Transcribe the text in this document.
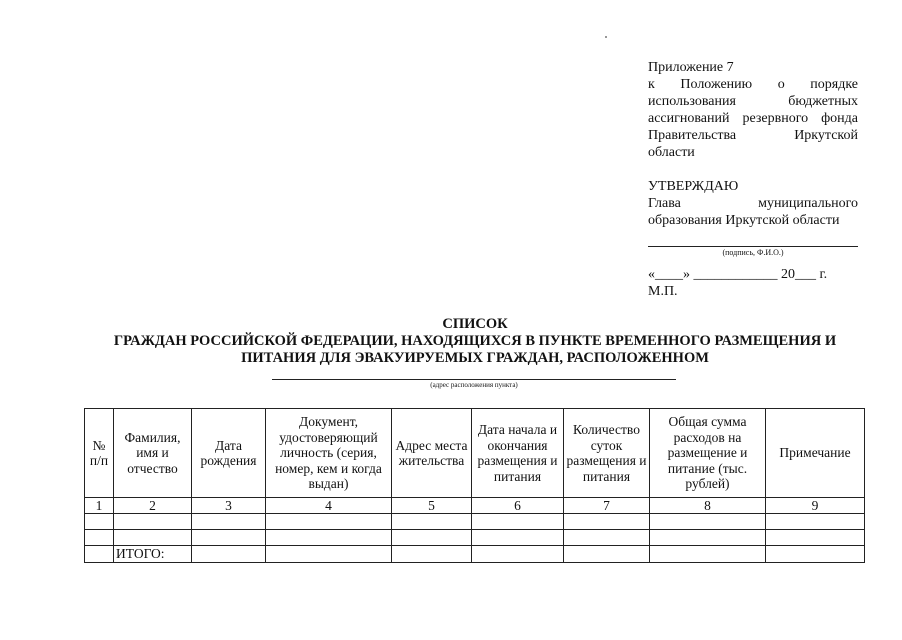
Приложение 7
к Положению о порядке
использования бюджетных
ассигнований резервного фонда
Правительства Иркутской
области
УТВЕРЖДАЮ
Глава муниципального
образования Иркутской области
(подпись, Ф.И.О.)
«____» ____________ 20___ г.
М.П.
СПИСОК
ГРАЖДАН РОССИЙСКОЙ ФЕДЕРАЦИИ, НАХОДЯЩИХСЯ В ПУНКТЕ ВРЕМЕННОГО РАЗМЕЩЕНИЯ И
ПИТАНИЯ ДЛЯ ЭВАКУИРУЕМЫХ ГРАЖДАН, РАСПОЛОЖЕННОМ
(адрес расположения пункта)
№ п/п	Фамилия, имя и отчество	Дата рождения	Документ, удостоверяющий личность (серия, номер, кем и когда выдан)	Адрес места жительства	Дата начала и окончания размещения и питания	Количество суток размещения и питания	Общая сумма расходов на размещение и питание (тыс. рублей)	Примечание
1	2	3	4	5	6	7	8	9

	ИТОГО:							
